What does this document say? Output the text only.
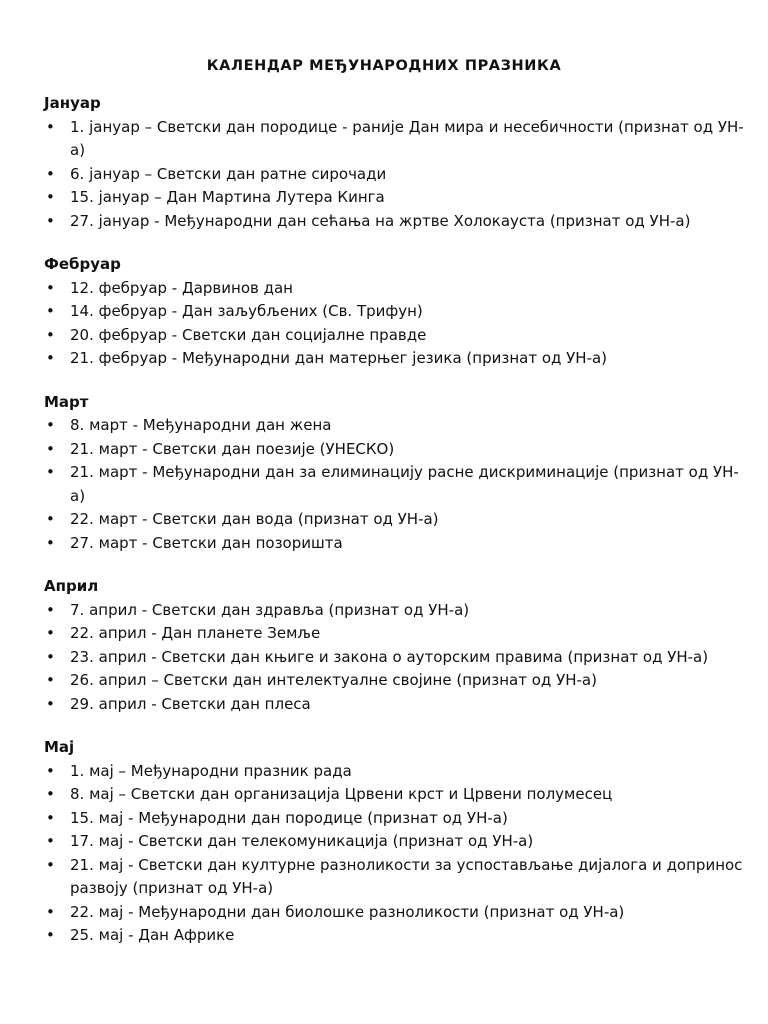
КАЛЕНДАР МЕЂУНАРОДНИХ ПРАЗНИКА
Јануар
• 1. јануар – Светски дан породице - раније Дан мира и несебичности (признат од УН-а)
• 6. јануар – Светски дан ратне сирочади
• 15. јануар – Дан Мартина Лутера Кинга
• 27. јануар - Међународни дан сећања на жртве Холокауста (признат од УН-а)
Фебруар
• 12. фебруар - Дарвинов дан
• 14. фебруар - Дан заљубљених (Св. Трифун)
• 20. фебруар - Светски дан социјалне правде
• 21. фебруар - Међународни дан матерњег језика (признат од УН-а)
Март
• 8. март - Међународни дан жена
• 21. март - Светски дан поезије (УНЕСКО)
• 21. март - Међународни дан за елиминацију расне дискриминације (признат од УН-а)
• 22. март - Светски дан вода (признат од УН-а)
• 27. март - Светски дан позоришта
Април
• 7. април - Светски дан здравља (признат од УН-а)
• 22. април - Дан планете Земље
• 23. април - Светски дан књиге и закона о ауторским правима (признат од УН-а)
• 26. април – Светски дан интелектуалне својине (признат од УН-а)
• 29. април - Светски дан плеса
Мај
• 1. мај – Међународни празник рада
• 8. мај – Светски дан организација Црвени крст и Црвени полумесец
• 15. мај - Међународни дан породице (признат од УН-а)
• 17. мај - Светски дан телекомуникација (признат од УН-а)
• 21. мај - Светски дан културне разноликости за успостављање дијалога и допринос развоју (признат од УН-а)
• 22. мај - Међународни дан биолошке разноликости (признат од УН-а)
• 25. мај - Дан Африке
